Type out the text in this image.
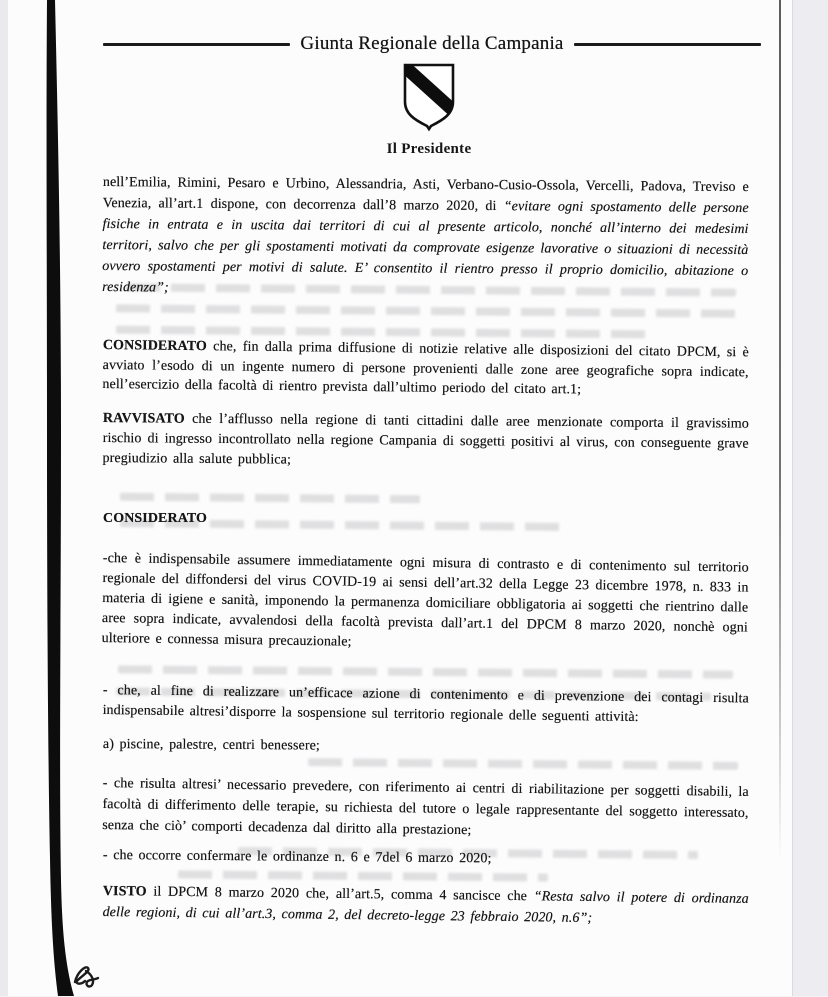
Giunta Regionale della Campania
Il Presidente

nell’Emilia, Rimini, Pesaro e Urbino, Alessandria, Asti, Verbano-Cusio-Ossola, Vercelli, Padova, Treviso e Venezia, all’art.1 dispone, con decorrenza dall’8 marzo 2020, di “evitare ogni spostamento delle persone fisiche in entrata e in uscita dai territori di cui al presente articolo, nonché all’interno dei medesimi territori, salvo che per gli spostamenti motivati da comprovate esigenze lavorative o situazioni di necessità ovvero spostamenti per motivi di salute. E’ consentito il rientro presso il proprio domicilio, abitazione o residenza”;

CONSIDERATO che, fin dalla prima diffusione di notizie relative alle disposizioni del citato DPCM, si è avviato l’esodo di un ingente numero di persone provenienti dalle zone aree geografiche sopra indicate, nell’esercizio della facoltà di rientro prevista dall’ultimo periodo del citato art.1;

RAVVISATO che l’afflusso nella regione di tanti cittadini dalle aree menzionate comporta il gravissimo rischio di ingresso incontrollato nella regione Campania di soggetti positivi al virus, con conseguente grave pregiudizio alla salute pubblica;

CONSIDERATO

-che è indispensabile assumere immediatamente ogni misura di contrasto e di contenimento sul territorio regionale del diffondersi del virus COVID-19 ai sensi dell’art.32 della Legge 23 dicembre 1978, n. 833 in materia di igiene e sanità, imponendo la permanenza domiciliare obbligatoria ai soggetti che rientrino dalle aree sopra indicate, avvalendosi della facoltà prevista dall’art.1 del DPCM 8 marzo 2020, nonchè ogni ulteriore e connessa misura precauzionale;

- che, al fine di realizzare un’efficace azione di contenimento e di prevenzione dei contagi risulta indispensabile altresi’disporre la sospensione sul territorio regionale delle seguenti attività:

a) piscine, palestre, centri benessere;

- che risulta altresi’ necessario prevedere, con riferimento ai centri di riabilitazione per soggetti disabili, la facoltà di differimento delle terapie, su richiesta del tutore o legale rappresentante del soggetto interessato, senza che ciò’ comporti decadenza dal diritto alla prestazione;

- che occorre confermare le ordinanze n. 6 e 7del 6 marzo 2020;

VISTO il DPCM 8 marzo 2020 che, all’art.5, comma 4 sancisce che “Resta salvo il potere di ordinanza delle regioni, di cui all’art.3, comma 2, del decreto-legge 23 febbraio 2020, n.6”;
